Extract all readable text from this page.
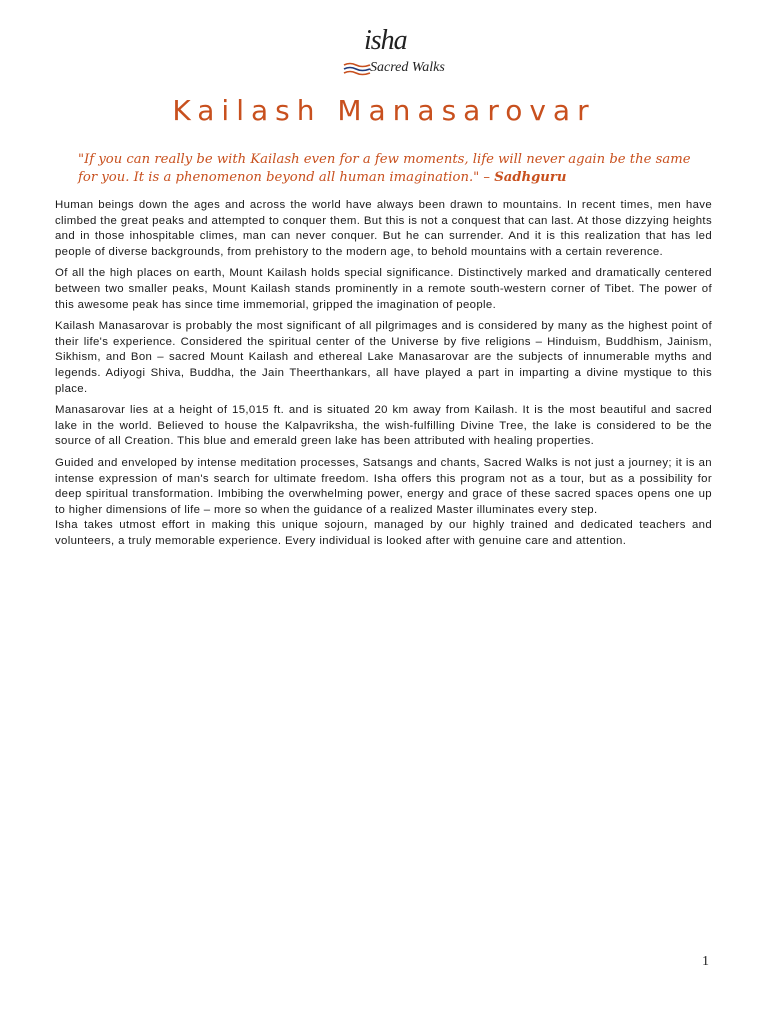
isha
Sacred Walks
Kailash Manasarovar

"If you can really be with Kailash even for a few moments, life will never again be the same for you. It is a phenomenon beyond all human imagination." – Sadhguru

Human beings down the ages and across the world have always been drawn to mountains. In recent times, men have climbed the great peaks and attempted to conquer them. But this is not a conquest that can last. At those dizzying heights and in those inhospitable climes, man can never conquer. But he can surrender. And it is this realization that has led people of diverse backgrounds, from prehistory to the modern age, to behold mountains with a certain reverence.

Of all the high places on earth, Mount Kailash holds special significance. Distinctively marked and dramatically centered between two smaller peaks, Mount Kailash stands prominently in a remote south-western corner of Tibet. The power of this awesome peak has since time immemorial, gripped the imagination of people.

Kailash Manasarovar is probably the most significant of all pilgrimages and is considered by many as the highest point of their life's experience. Considered the spiritual center of the Universe by five religions – Hinduism, Buddhism, Jainism, Sikhism, and Bon – sacred Mount Kailash and ethereal Lake Manasarovar are the subjects of innumerable myths and legends. Adiyogi Shiva, Buddha, the Jain Theerthankars, all have played a part in imparting a divine mystique to this place.

Manasarovar lies at a height of 15,015 ft. and is situated 20 km away from Kailash. It is the most beautiful and sacred lake in the world. Believed to house the Kalpavriksha, the wish-fulfilling Divine Tree, the lake is considered to be the source of all Creation. This blue and emerald green lake has been attributed with healing properties.

Guided and enveloped by intense meditation processes, Satsangs and chants, Sacred Walks is not just a journey; it is an intense expression of man's search for ultimate freedom. Isha offers this program not as a tour, but as a possibility for deep spiritual transformation. Imbibing the overwhelming power, energy and grace of these sacred spaces opens one up to higher dimensions of life – more so when the guidance of a realized Master illuminates every step.

Isha takes utmost effort in making this unique sojourn, managed by our highly trained and dedicated teachers and volunteers, a truly memorable experience. Every individual is looked after with genuine care and attention.

1
